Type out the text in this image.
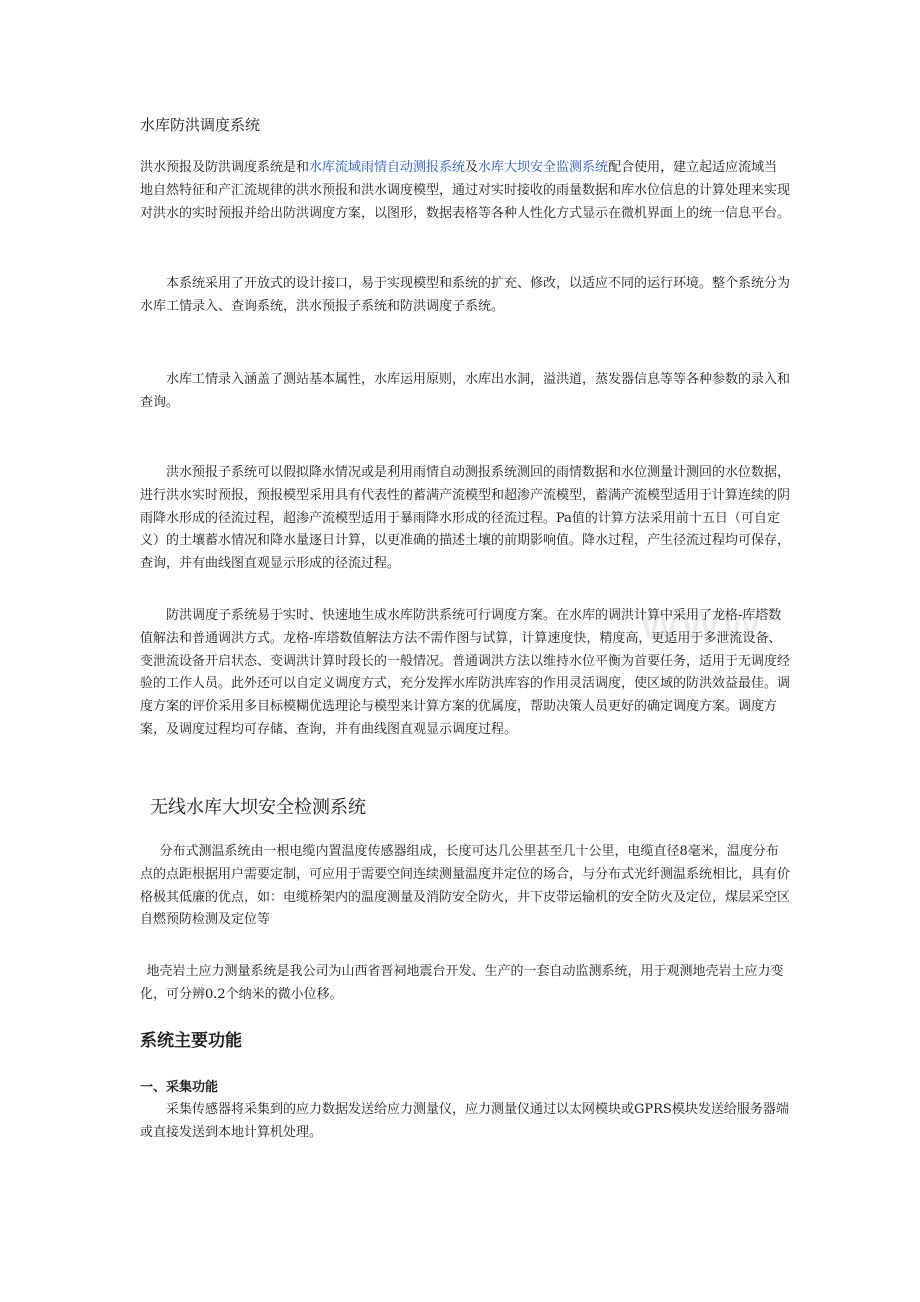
www.
水库防洪调度系统

洪水预报及防洪调度系统是和水库流域雨情自动测报系统及水库大坝安全监测系统配合使用，建立起适应流域当地自然特征和产汇流规律的洪水预报和洪水调度模型，通过对实时接收的雨量数据和库水位信息的计算处理来实现对洪水的实时预报并给出防洪调度方案，以图形，数据表格等各种人性化方式显示在微机界面上的统一信息平台。

本系统采用了开放式的设计接口，易于实现模型和系统的扩充、修改，以适应不同的运行环境。整个系统分为水库工情录入、查询系统，洪水预报子系统和防洪调度子系统。

水库工情录入涵盖了测站基本属性，水库运用原则，水库出水洞，溢洪道，蒸发器信息等等各种参数的录入和查询。

洪水预报子系统可以假拟降水情况或是利用雨情自动测报系统测回的雨情数据和水位测量计测回的水位数据，进行洪水实时预报，预报模型采用具有代表性的蓄满产流模型和超渗产流模型，蓄满产流模型适用于计算连续的阴雨降水形成的径流过程，超渗产流模型适用于暴雨降水形成的径流过程。Pa值的计算方法采用前十五日（可自定义）的土壤蓄水情况和降水量逐日计算，以更准确的描述土壤的前期影响值。降水过程，产生径流过程均可保存，查询，并有曲线图直观显示形成的径流过程。

防洪调度子系统易于实时、快速地生成水库防洪系统可行调度方案。在水库的调洪计算中采用了龙格-库塔数值解法和普通调洪方式。龙格-库塔数值解法方法不需作图与试算，计算速度快，精度高，更适用于多泄流设备、变泄流设备开启状态、变调洪计算时段长的一般情况。普通调洪方法以维持水位平衡为首要任务，适用于无调度经验的工作人员。此外还可以自定义调度方式，充分发挥水库防洪库容的作用灵活调度，使区域的防洪效益最佳。调度方案的评价采用多目标模糊优选理论与模型来计算方案的优属度，帮助决策人员更好的确定调度方案。调度方案，及调度过程均可存储、查询，并有曲线图直观显示调度过程。

无线水库大坝安全检测系统

分布式测温系统由一根电缆内置温度传感器组成，长度可达几公里甚至几十公里，电缆直径8毫米，温度分布点的点距根据用户需要定制，可应用于需要空间连续测量温度并定位的场合，与分布式光纤测温系统相比，具有价格极其低廉的优点，如：电缆桥架内的温度测量及消防安全防火，井下皮带运输机的安全防火及定位，煤层采空区自燃预防检测及定位等

地壳岩土应力测量系统是我公司为山西省晋祠地震台开发、生产的一套自动监测系统，用于观测地壳岩土应力变化，可分辨0.2个纳米的微小位移。

系统主要功能
一、采集功能

采集传感器将采集到的应力数据发送给应力测量仪，应力测量仪通过以太网模块或GPRS模块发送给服务器端或直接发送到本地计算机处理。
